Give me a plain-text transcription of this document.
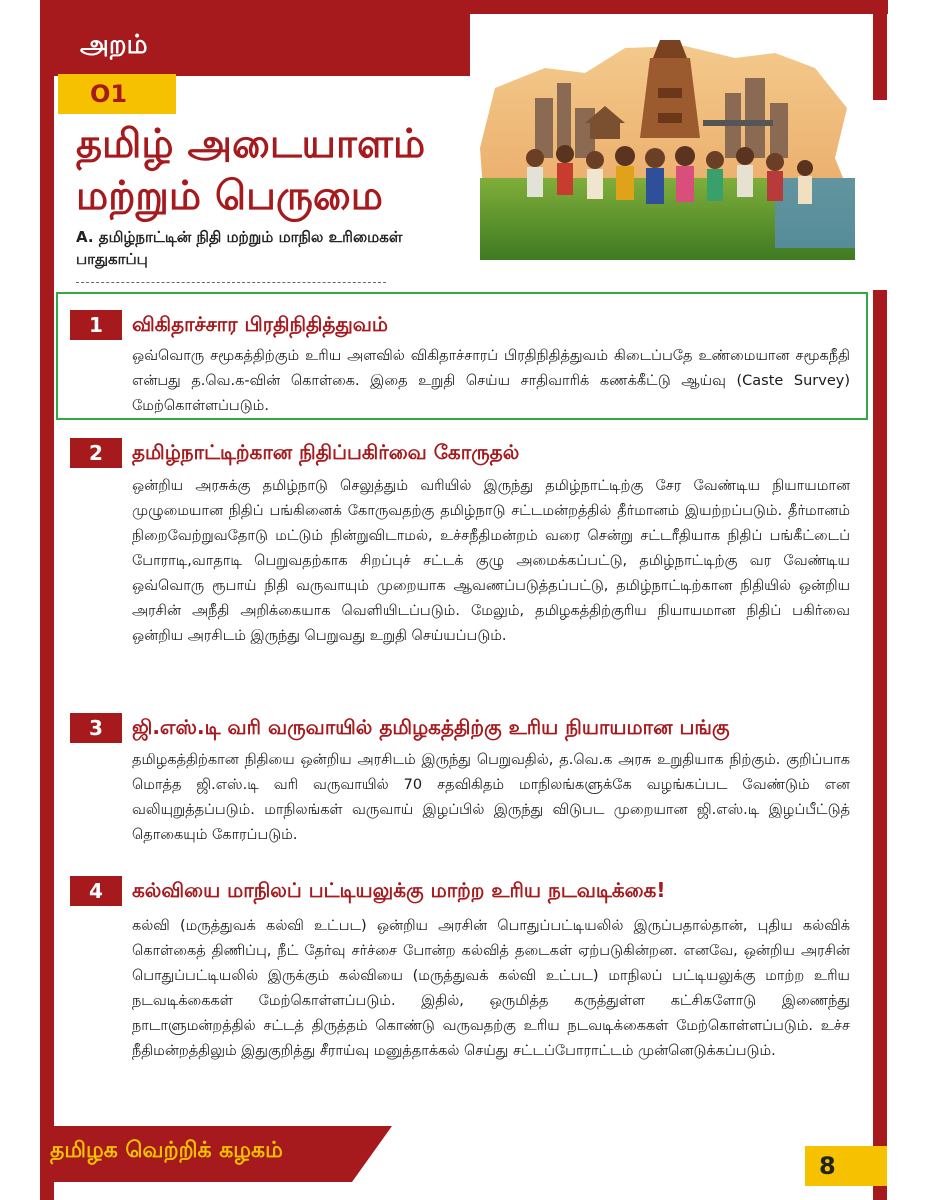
அறம்
O1
தமிழ் அடையாளம்
மற்றும் பெருமை
A. தமிழ்நாட்டின் நிதி மற்றும் மாநில உரிமைகள் பாதுகாப்பு
1	விகிதாச்சார பிரதிநிதித்துவம்
ஒவ்வொரு சமூகத்திற்கும் உரிய அளவில் விகிதாச்சாரப் பிரதிநிதித்துவம் கிடைப்பதே உண்மையான சமூகநீதி என்பது த.வெ.க-வின் கொள்கை. இதை உறுதி செய்ய சாதிவாரிக் கணக்கீட்டு ஆய்வு (Caste Survey) மேற்கொள்ளப்படும்.
2	தமிழ்நாட்டிற்கான நிதிப்பகிர்வை கோருதல்
ஒன்றிய அரசுக்கு தமிழ்நாடு செலுத்தும் வரியில் இருந்து தமிழ்நாட்டிற்கு சேர வேண்டிய நியாயமான முழுமையான நிதிப் பங்கினைக் கோருவதற்கு தமிழ்நாடு சட்டமன்றத்தில் தீர்மானம் இயற்றப்படும். தீர்மானம் நிறைவேற்றுவதோடு மட்டும் நின்றுவிடாமல், உச்சநீதிமன்றம் வரை சென்று சட்டரீதியாக நிதிப் பங்கீட்டைப் போராடி,வாதாடி பெறுவதற்காக சிறப்புச் சட்டக் குழு அமைக்கப்பட்டு, தமிழ்நாட்டிற்கு வர வேண்டிய ஒவ்வொரு ரூபாய் நிதி வருவாயும் முறையாக ஆவணப்படுத்தப்பட்டு, தமிழ்நாட்டிற்கான நிதியில் ஒன்றிய அரசின் அநீதி அறிக்கையாக வெளியிடப்படும். மேலும், தமிழகத்திற்குரிய நியாயமான நிதிப் பகிர்வை ஒன்றிய அரசிடம் இருந்து பெறுவது உறுதி செய்யப்படும்.
3	ஜி.எஸ்.டி வரி வருவாயில் தமிழகத்திற்கு உரிய நியாயமான பங்கு
தமிழகத்திற்கான நிதியை ஒன்றிய அரசிடம் இருந்து பெறுவதில், த.வெ.க அரசு உறுதியாக நிற்கும். குறிப்பாக மொத்த ஜி.எஸ்.டி வரி வருவாயில் 70 சதவிகிதம் மாநிலங்களுக்கே வழங்கப்பட வேண்டும் என வலியுறுத்தப்படும். மாநிலங்கள் வருவாய் இழப்பில் இருந்து விடுபட முறையான ஜி.எஸ்.டி இழப்பீட்டுத் தொகையும் கோரப்படும்.
4	கல்வியை மாநிலப் பட்டியலுக்கு மாற்ற உரிய நடவடிக்கை!
கல்வி (மருத்துவக் கல்வி உட்பட) ஒன்றிய அரசின் பொதுப்பட்டியலில் இருப்பதால்தான், புதிய கல்விக் கொள்கைத் திணிப்பு, நீட் தேர்வு சர்ச்சை போன்ற கல்வித் தடைகள் ஏற்படுகின்றன. எனவே, ஒன்றிய அரசின் பொதுப்பட்டியலில் இருக்கும் கல்வியை (மருத்துவக் கல்வி உட்பட) மாநிலப் பட்டியலுக்கு மாற்ற உரிய நடவடிக்கைகள் மேற்கொள்ளப்படும். இதில், ஒருமித்த கருத்துள்ள கட்சிகளோடு இணைந்து நாடாளுமன்றத்தில் சட்டத் திருத்தம் கொண்டு வருவதற்கு உரிய நடவடிக்கைகள் மேற்கொள்ளப்படும். உச்ச நீதிமன்றத்திலும் இதுகுறித்து சீராய்வு மனுத்தாக்கல் செய்து சட்டப்போராட்டம் முன்னெடுக்கப்படும்.
தமிழக வெற்றிக் கழகம்
8
